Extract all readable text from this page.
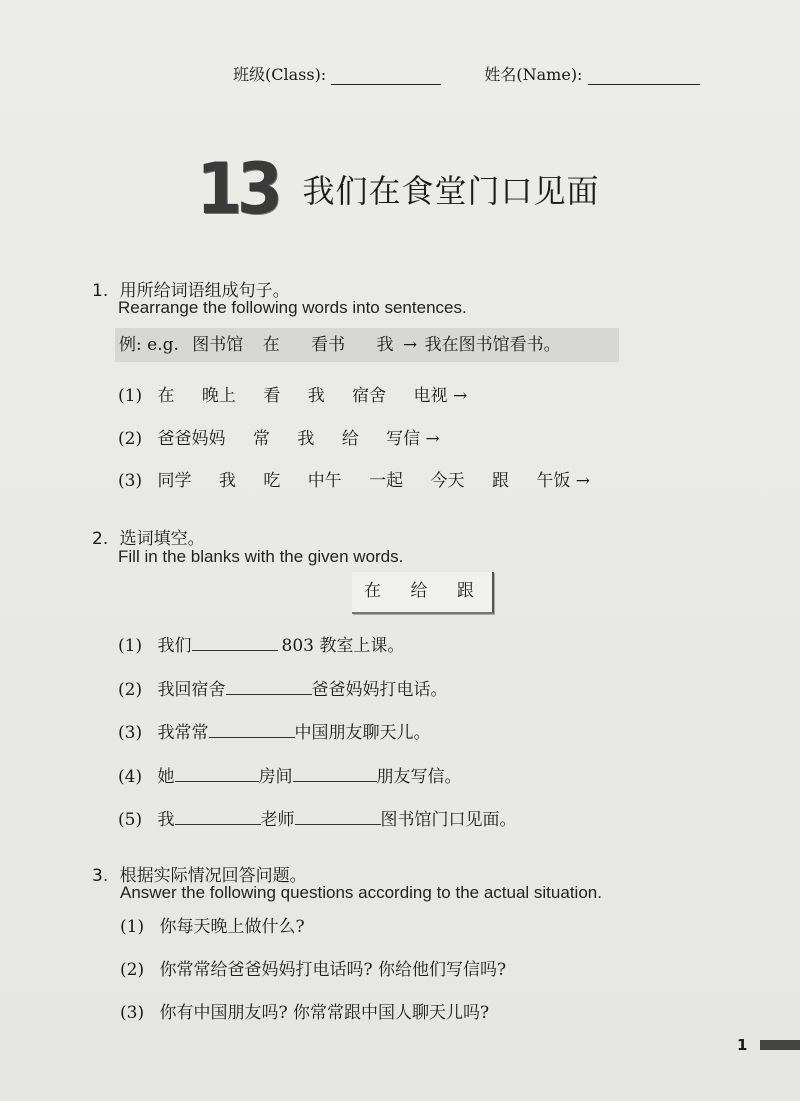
班级(Class):	姓名(Name):
13 我们在食堂门口见面
1. 用所给词语组成句子。
Rearrange the following words into sentences.
例: e.g. 图书馆 在 看书 我 → 我在图书馆看书。
(1) 在 晚上 看 我 宿舍 电视 →
(2) 爸爸妈妈 常 我 给 写信 →
(3) 同学 我 吃 中午 一起 今天 跟 午饭 →
2. 选词填空。
Fill in the blanks with the given words.
在 给 跟
(1) 我们	803 教室上课。
(2) 我回宿舍	爸爸妈妈打电话。
(3) 我常常	中国朋友聊天儿。
(4) 她	房间	朋友写信。
(5) 我	老师	图书馆门口见面。
3. 根据实际情况回答问题。
Answer the following questions according to the actual situation.
(1) 你每天晚上做什么?
(2) 你常常给爸爸妈妈打电话吗? 你给他们写信吗?
(3) 你有中国朋友吗? 你常常跟中国人聊天儿吗?
1
